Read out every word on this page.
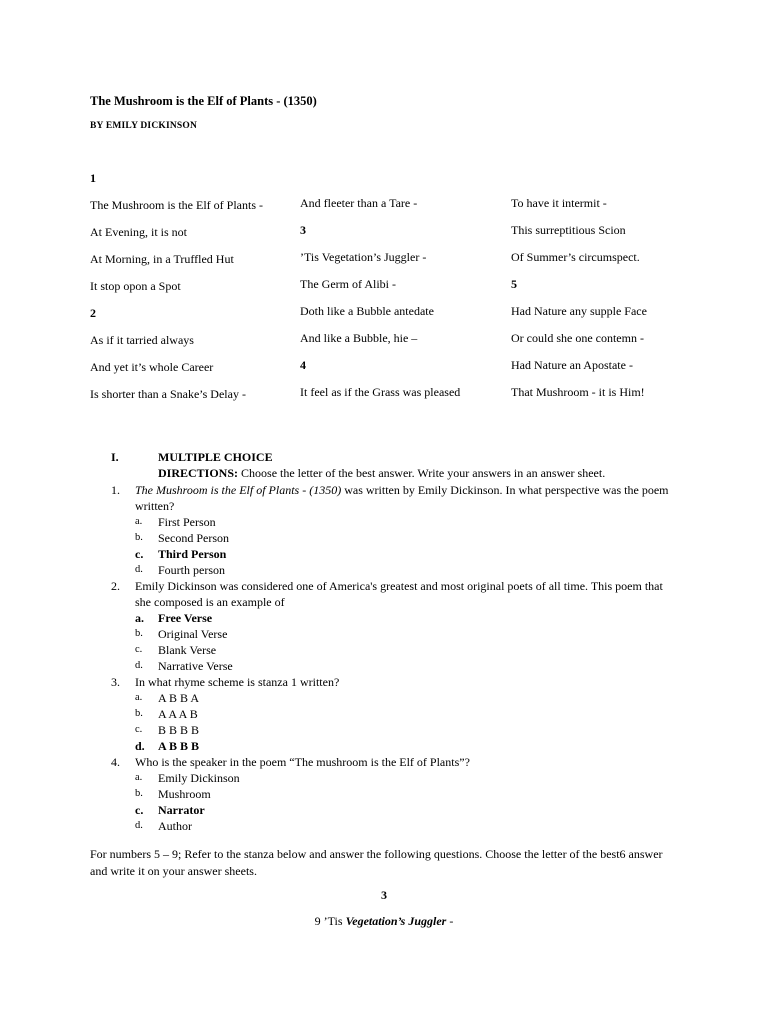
The Mushroom is the Elf of Plants - (1350)
BY EMILY DICKINSON
1
The Mushroom is the Elf of Plants -
At Evening, it is not
At Morning, in a Truffled Hut
It stop opon a Spot
2
As if it tarried always
And yet it’s whole Career
Is shorter than a Snake’s Delay -
And fleeter than a Tare -
3
’Tis Vegetation’s Juggler -
The Germ of Alibi -
Doth like a Bubble antedate
And like a Bubble, hie –
4
It feel as if the Grass was pleased
To have it intermit -
This surreptitious Scion
Of Summer’s circumspect.
5
Had Nature any supple Face
Or could she one contemn -
Had Nature an Apostate -
That Mushroom - it is Him!
I.	MULTIPLE CHOICE
DIRECTIONS: Choose the letter of the best answer. Write your answers in an answer sheet.
1. The Mushroom is the Elf of Plants - (1350) was written by Emily Dickinson. In what perspective was the poem written?
a. First Person
b. Second Person
c. Third Person
d. Fourth person
2. Emily Dickinson was considered one of America's greatest and most original poets of all time. This poem that she composed is an example of
a. Free Verse
b. Original Verse
c. Blank Verse
d. Narrative Verse
3. In what rhyme scheme is stanza 1 written?
a. A B B A
b. A A A B
c. B B B B
d. A B B B
4. Who is the speaker in the poem “The mushroom is the Elf of Plants”?
a. Emily Dickinson
b. Mushroom
c. Narrator
d. Author
For numbers 5 – 9; Refer to the stanza below and answer the following questions. Choose the letter of the best6 answer and write it on your answer sheets.
3
9 ’Tis Vegetation’s Juggler -
